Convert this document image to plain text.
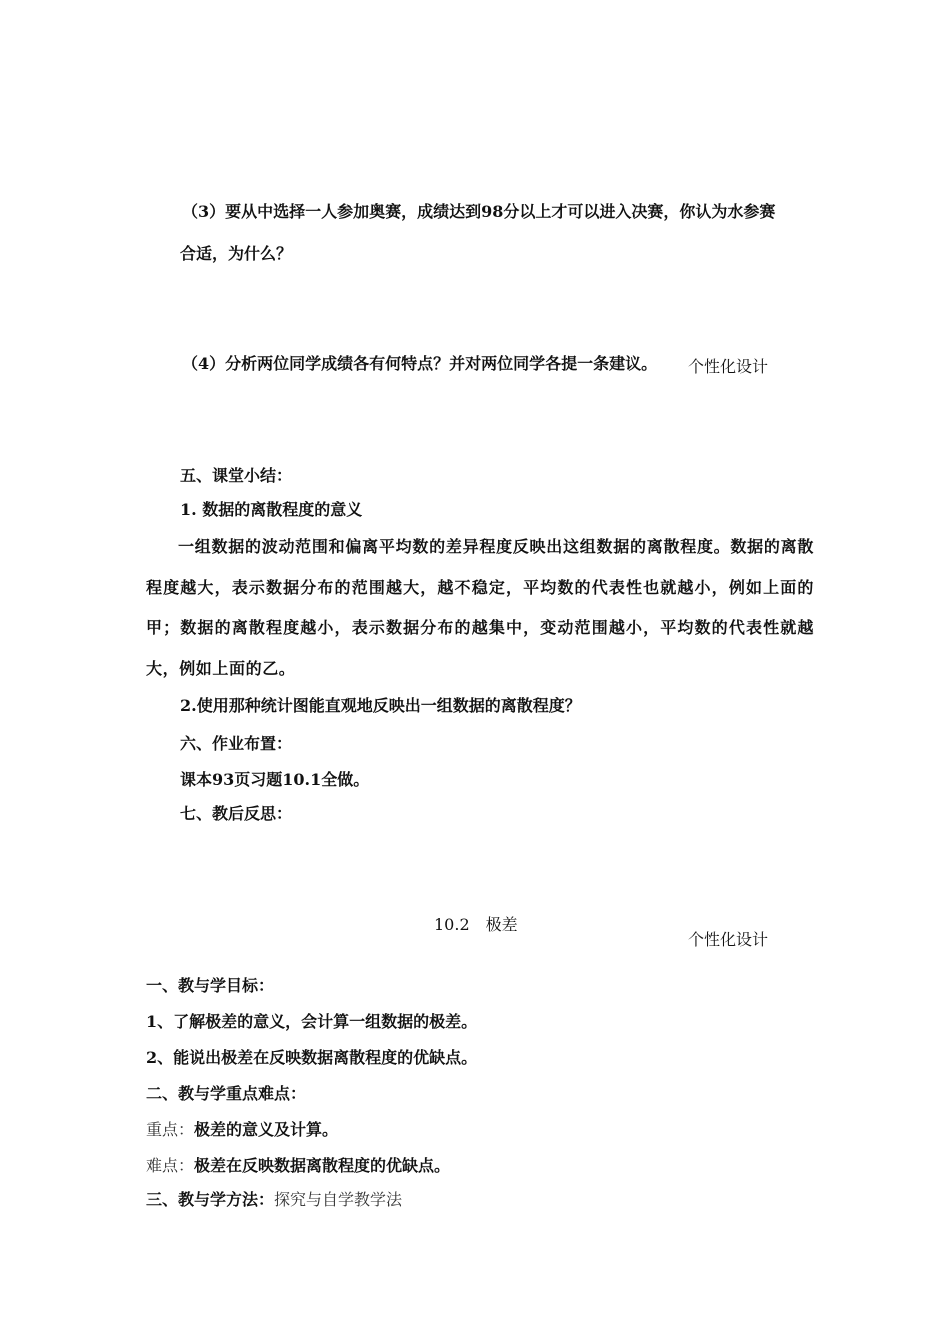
（3）要从中选择一人参加奥赛，成绩达到98分以上才可以进入决赛，你认为水参赛
合适，为什么？
（4）分析两位同学成绩各有何特点？并对两位同学各提一条建议。 个性化设计
五、课堂小结：
1. 数据的离散程度的意义
一组数据的波动范围和偏离平均数的差异程度反映出这组数据的离散程度。数据的离散程度越大，表示数据分布的范围越大，越不稳定，平均数的代表性也就越小，例如上面的甲；数据的离散程度越小，表示数据分布的越集中，变动范围越小，平均数的代表性就越大，例如上面的乙。
2.使用那种统计图能直观地反映出一组数据的离散程度？
六、作业布置：
课本93页习题10.1全做。
七、教后反思：
10.2　极差
个性化设计
一、教与学目标：
1、了解极差的意义，会计算一组数据的极差。
2、能说出极差在反映数据离散程度的优缺点。
二、教与学重点难点：
重点：极差的意义及计算。
难点：极差在反映数据离散程度的优缺点。
三、教与学方法：探究与自学教学法
